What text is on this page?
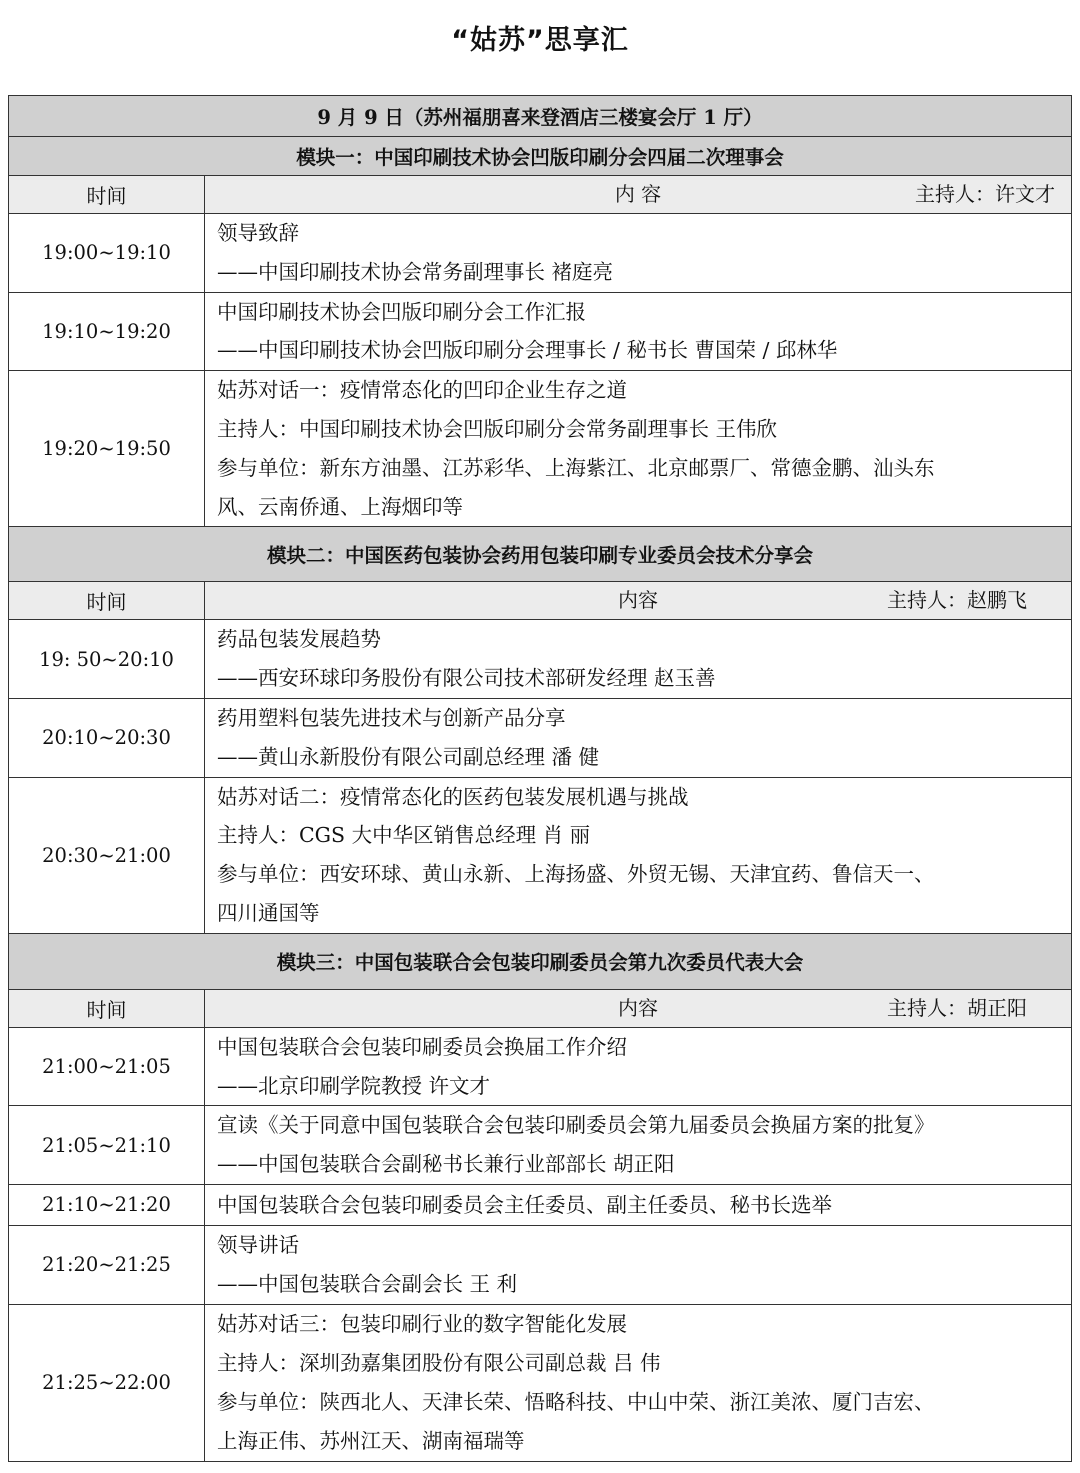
“姑苏”思享汇
9 月 9 日（苏州福朋喜来登酒店三楼宴会厅 1 厅）	
模块一：中国印刷技术协会凹版印刷分会四届二次理事会	
时间	内 容 主持人：许文才

19:00~19:10	领导致辞
——中国印刷技术协会常务副理事长 褚庭亮

19:10~19:20	中国印刷技术协会凹版印刷分会工作汇报
——中国印刷技术协会凹版印刷分会理事长 / 秘书长 曹国荣 / 邱林华

19:20~19:50	姑苏对话一：疫情常态化的凹印企业生存之道
主持人：中国印刷技术协会凹版印刷分会常务副理事长 王伟欣
参与单位：新东方油墨、江苏彩华、上海紫江、北京邮票厂、常德金鹏、汕头东
风、云南侨通、上海烟印等

模块二：中国医药包装协会药用包装印刷专业委员会技术分享会	
时间	内容 主持人：赵鹏飞

19: 50~20:10	药品包装发展趋势
——西安环球印务股份有限公司技术部研发经理 赵玉善

20:10~20:30	药用塑料包装先进技术与创新产品分享
——黄山永新股份有限公司副总经理 潘 健

20:30~21:00	姑苏对话二：疫情常态化的医药包装发展机遇与挑战
主持人：CGS 大中华区销售总经理 肖 丽
参与单位：西安环球、黄山永新、上海扬盛、外贸无锡、天津宜药、鲁信天一、
四川通国等

模块三：中国包装联合会包装印刷委员会第九次委员代表大会	
时间	内容 主持人：胡正阳

21:00~21:05	中国包装联合会包装印刷委员会换届工作介绍
——北京印刷学院教授 许文才

21:05~21:10	宣读《关于同意中国包装联合会包装印刷委员会第九届委员会换届方案的批复》
——中国包装联合会副秘书长兼行业部部长 胡正阳

21:10~21:20	中国包装联合会包装印刷委员会主任委员、副主任委员、秘书长选举

21:20~21:25	领导讲话
——中国包装联合会副会长 王 利

21:25~22:00	姑苏对话三：包装印刷行业的数字智能化发展
主持人：深圳劲嘉集团股份有限公司副总裁 吕 伟
参与单位：陕西北人、天津长荣、悟略科技、中山中荣、浙江美浓、厦门吉宏、
上海正伟、苏州江天、湖南福瑞等
